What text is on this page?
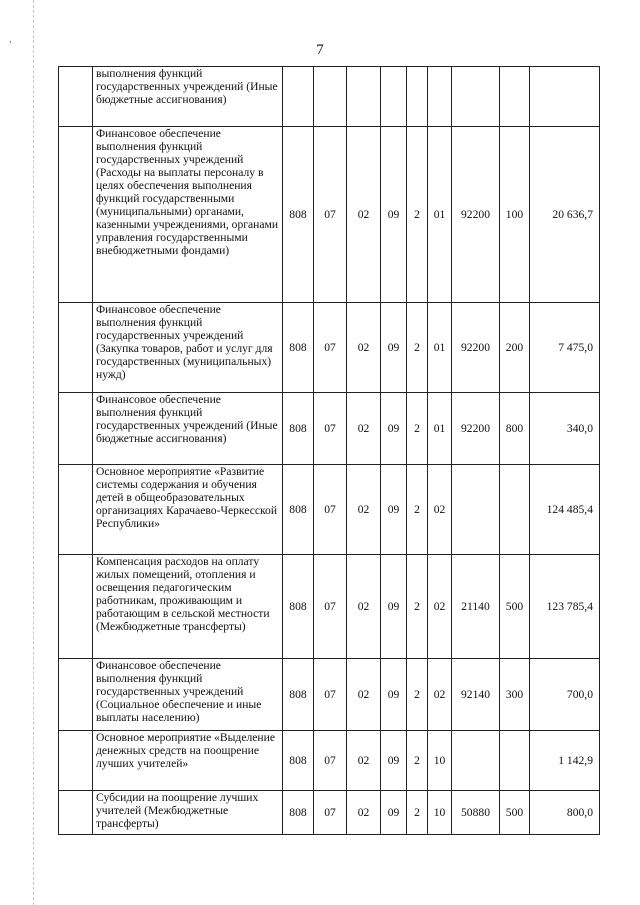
,
7
	выполнения функций государственных учреждений (Иные бюджетные ассигнования)									
	Финансовое обеспечение выполнения функций государственных учреждений (Расходы на выплаты персоналу в целях обеспечения выполнения функций государственными (муниципальными) органами, казенными учреждениями, органами управления государственными внебюджетными фондами)	808	07	02	09	2	01	92200	100	20 636,7
	Финансовое обеспечение выполнения функций государственных учреждений (Закупка товаров, работ и услуг для государственных (муниципальных) нужд)	808	07	02	09	2	01	92200	200	7 475,0
	Финансовое обеспечение выполнения функций государственных учреждений (Иные бюджетные ассигнования)	808	07	02	09	2	01	92200	800	340,0
	Основное мероприятие «Развитие системы содержания и обучения детей в общеобразовательных организациях Карачаево-Черкесской Республики»	808	07	02	09	2	02			124 485,4
	Компенсация расходов на оплату жилых помещений, отопления и освещения педагогическим работникам, проживающим и работающим в сельской местности (Межбюджетные трансферты)	808	07	02	09	2	02	21140	500	123 785,4
	Финансовое обеспечение выполнения функций государственных учреждений (Социальное обеспечение и иные выплаты населению)	808	07	02	09	2	02	92140	300	700,0
	Основное мероприятие «Выделение денежных средств на поощрение лучших учителей»	808	07	02	09	2	10			1 142,9
	Субсидии на поощрение лучших учителей (Межбюджетные трансферты)	808	07	02	09	2	10	50880	500	800,0
